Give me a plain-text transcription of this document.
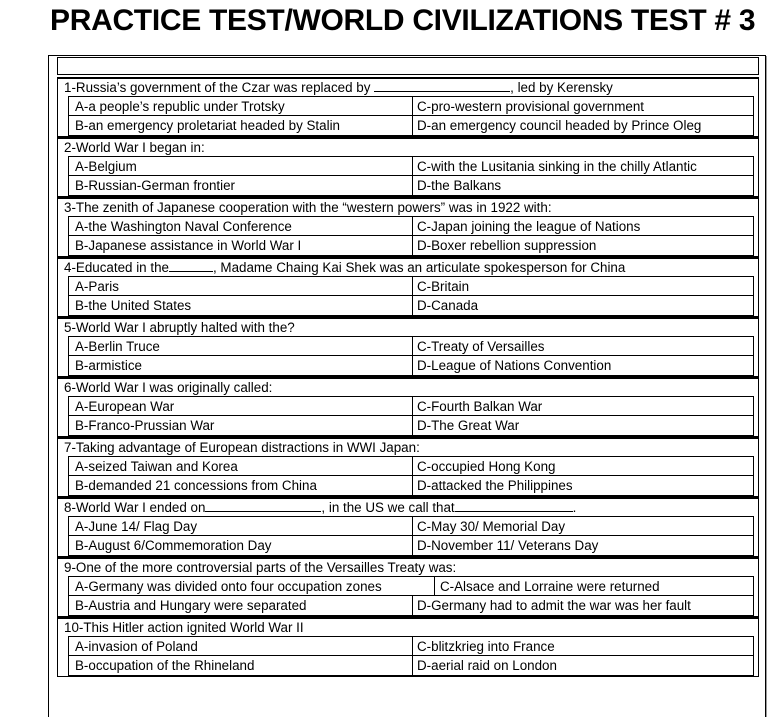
PRACTICE TEST/WORLD CIVILIZATIONS TEST # 3
1-Russia’s government of the Czar was replaced by	, led by Kerensky
A-a people’s republic under Trotsky	C-pro-western provisional government
B-an emergency proletariat headed by Stalin	D-an emergency council headed by Prince Oleg
2-World War I began in:
A-Belgium	C-with the Lusitania sinking in the chilly Atlantic
B-Russian-German frontier	D-the Balkans
3-The zenith of Japanese cooperation with the “western powers” was in 1922 with:
A-the Washington Naval Conference	C-Japan joining the league of Nations
B-Japanese assistance in World War I	D-Boxer rebellion suppression
4-Educated in the	, Madame Chaing Kai Shek was an articulate spokesperson for China
A-Paris	C-Britain
B-the United States	D-Canada
5-World War I abruptly halted with the?
A-Berlin Truce	C-Treaty of Versailles
B-armistice	D-League of Nations Convention
6-World War I was originally called:
A-European War	C-Fourth Balkan War
B-Franco-Prussian War	D-The Great War
7-Taking advantage of European distractions in WWI Japan:
A-seized Taiwan and Korea	C-occupied Hong Kong
B-demanded 21 concessions from China	D-attacked the Philippines
8-World War I ended on	, in the US we call that	.
A-June 14/ Flag Day	C-May 30/ Memorial Day
B-August 6/Commemoration Day	D-November 11/ Veterans Day
9-One of the more controversial parts of the Versailles Treaty was:
A-Germany was divided onto four occupation zones	C-Alsace and Lorraine were returned
B-Austria and Hungary were separated	D-Germany had to admit the war was her fault
10-This Hitler action ignited World War II
A-invasion of Poland	C-blitzkrieg into France
B-occupation of the Rhineland	D-aerial raid on London
